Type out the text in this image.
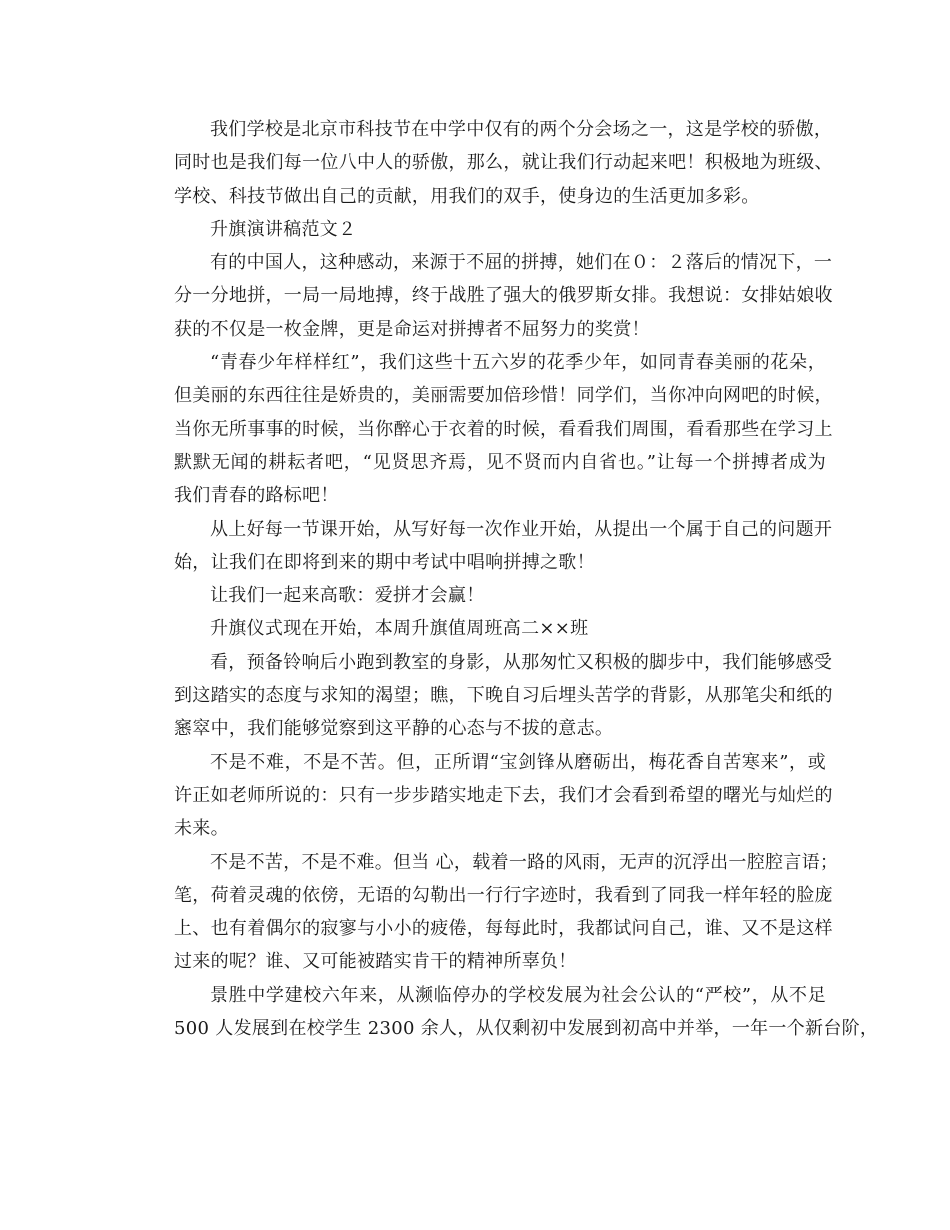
我们学校是北京市科技节在中学中仅有的两个分会场之一，这是学校的骄傲，
同时也是我们每一位八中人的骄傲，那么，就让我们行动起来吧！积极地为班级、
学校、科技节做出自己的贡献，用我们的双手，使身边的生活更加多彩。
升旗演讲稿范文２
有的中国人，这种感动，来源于不屈的拼搏，她们在０：２落后的情况下，一
分一分地拼，一局一局地搏，终于战胜了强大的俄罗斯女排。我想说：女排姑娘收
获的不仅是一枚金牌，更是命运对拼搏者不屈努力的奖赏！
“青春少年样样红”，我们这些十五六岁的花季少年，如同青春美丽的花朵，
但美丽的东西往往是娇贵的，美丽需要加倍珍惜！同学们，当你冲向网吧的时候，
当你无所事事的时候，当你醉心于衣着的时候，看看我们周围，看看那些在学习上
默默无闻的耕耘者吧，“见贤思齐焉，见不贤而内自省也。”让每一个拼搏者成为
我们青春的路标吧！
从上好每一节课开始，从写好每一次作业开始，从提出一个属于自己的问题开
始，让我们在即将到来的期中考试中唱响拼搏之歌！
让我们一起来高歌：爱拼才会赢！
升旗仪式现在开始，本周升旗值周班高二××班
看，预备铃响后小跑到教室的身影，从那匆忙又积极的脚步中，我们能够感受
到这踏实的态度与求知的渴望；瞧，下晚自习后埋头苦学的背影，从那笔尖和纸的
窸窣中，我们能够觉察到这平静的心态与不拔的意志。
不是不难，不是不苦。但，正所谓“宝剑锋从磨砺出，梅花香自苦寒来”，或
许正如老师所说的：只有一步步踏实地走下去，我们才会看到希望的曙光与灿烂的
未来。
不是不苦，不是不难。但当 心，载着一路的风雨，无声的沉浮出一腔腔言语；
笔，荷着灵魂的依傍，无语的勾勒出一行行字迹时，我看到了同我一样年轻的脸庞
上、也有着偶尔的寂寥与小小的疲倦，每每此时，我都试问自己，谁、又不是这样
过来的呢？谁、又可能被踏实肯干的精神所辜负！
景胜中学建校六年来，从濒临停办的学校发展为社会公认的“严校”，从不足
500 人发展到在校学生 2300 余人，从仅剩初中发展到初高中并举，一年一个新台阶，
